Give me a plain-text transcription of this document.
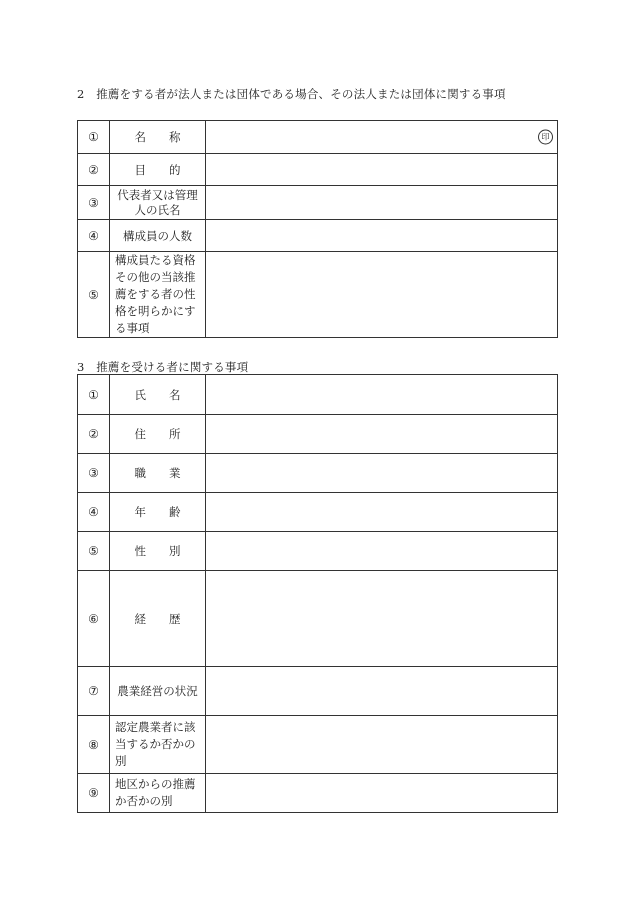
2　推薦をする者が法人または団体である場合、その法人または団体に関する事項
①	名　　称	印

②	目　　的	
③	代表者又は管理人の氏名	
④	構成員の人数	
⑤	構成員たる資格その他の当該推薦をする者の性格を明らかにする事項	
3　推薦を受ける者に関する事項
①	氏　　名	
②	住　　所	
③	職　　業	
④	年　　齢	
⑤	性　　別	
⑥	経　　歴	
⑦	農業経営の状況	
⑧	認定農業者に該当するか否かの別	
⑨	地区からの推薦か否かの別	
